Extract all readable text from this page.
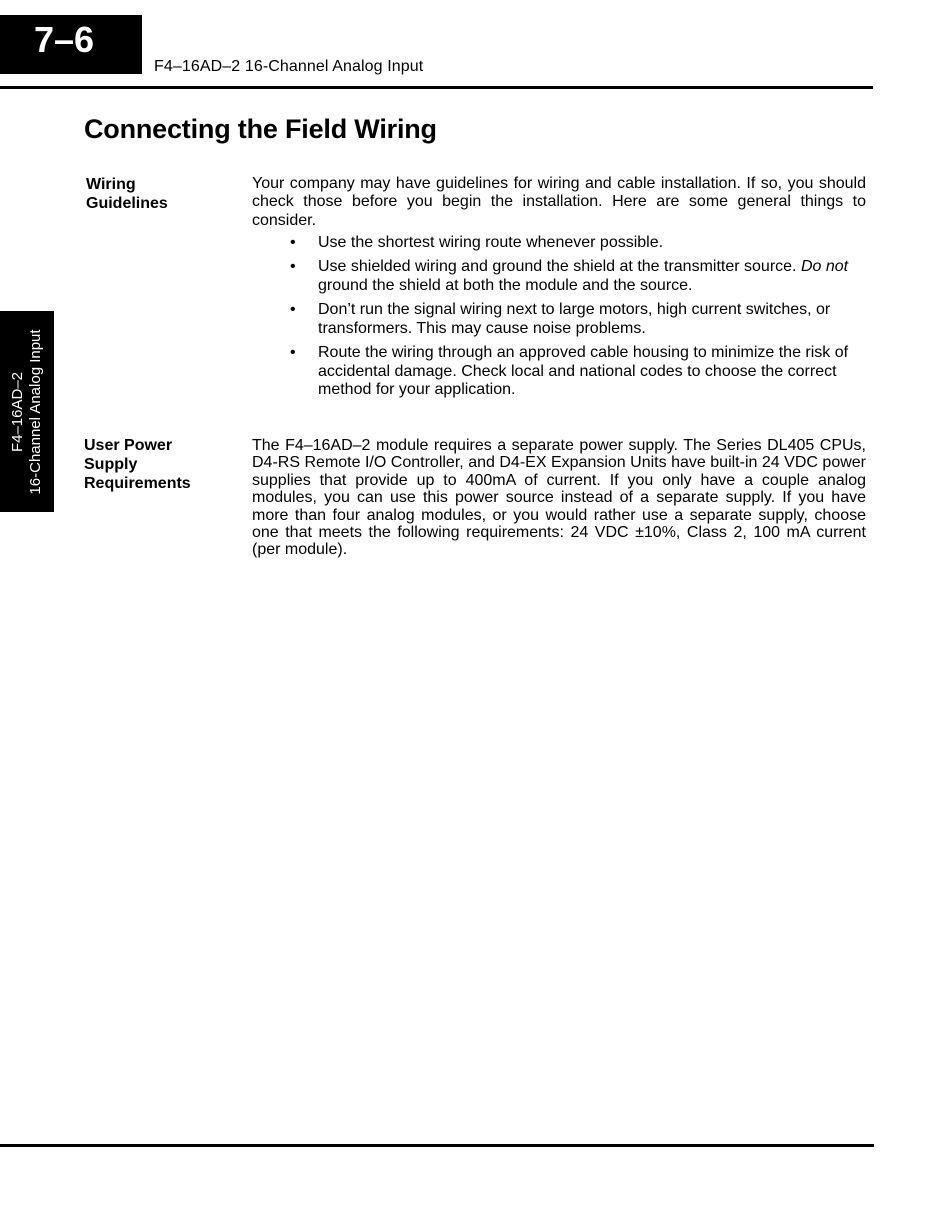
7–6
F4–16AD–2 16-Channel Analog Input
F4–16AD–2 16-Channel Analog Input
Connecting the Field Wiring
Wiring
Guidelines

Your company may have guidelines for wiring and cable installation. If so, you should check those before you begin the installation. Here are some general things to consider.

• Use the shortest wiring route whenever possible.
• Use shielded wiring and ground the shield at the transmitter source. Do not ground the shield at both the module and the source.
• Don’t run the signal wiring next to large motors, high current switches, or transformers. This may cause noise problems.
• Route the wiring through an approved cable housing to minimize the risk of accidental damage. Check local and national codes to choose the correct method for your application.
User Power
Supply
Requirements

The F4–16AD–2 module requires a separate power supply. The Series DL405 CPUs, D4-RS Remote I/O Controller, and D4-EX Expansion Units have built-in 24 VDC power supplies that provide up to 400mA of current. If you only have a couple analog modules, you can use this power source instead of a separate supply. If you have more than four analog modules, or you would rather use a separate supply, choose one that meets the following requirements: 24 VDC ±10%, Class 2, 100 mA current (per module).
